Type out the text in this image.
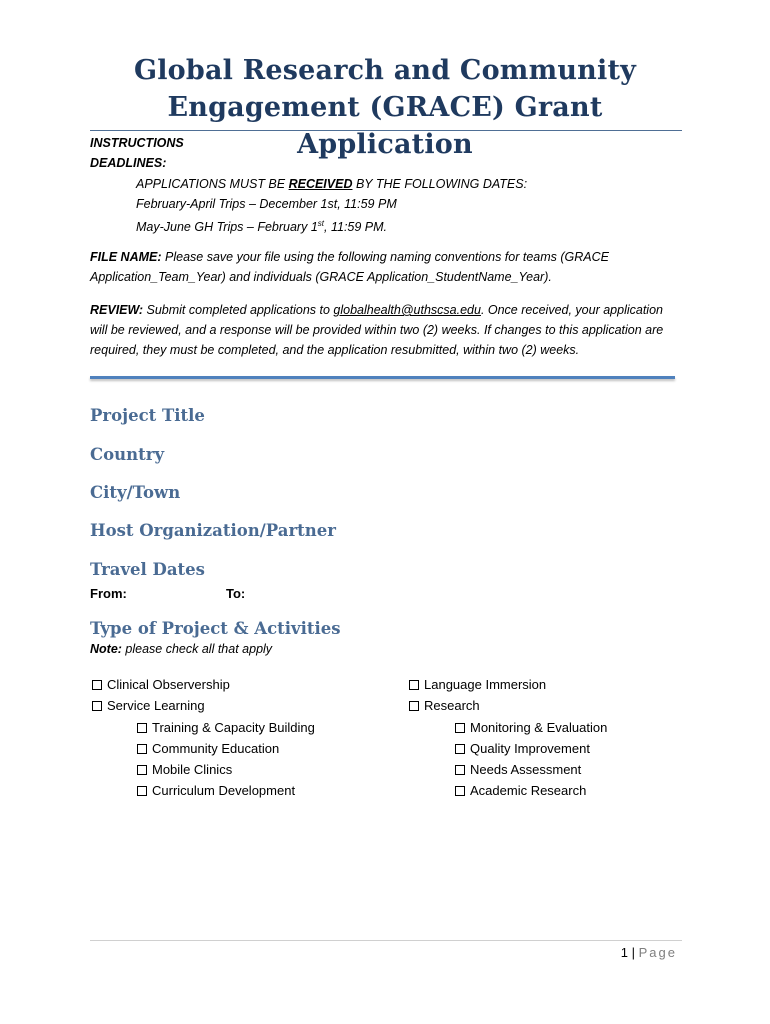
Global Research and Community
Engagement (GRACE) Grant Application
INSTRUCTIONS
DEADLINES:
APPLICATIONS MUST BE RECEIVED BY THE FOLLOWING DATES:
February-April Trips – December 1st, 11:59 PM
May-June GH Trips – February 1st, 11:59 PM.
FILE NAME: Please save your file using the following naming conventions for teams (GRACE Application_Team_Year) and individuals (GRACE Application_StudentName_Year).
REVIEW: Submit completed applications to globalhealth@uthscsa.edu. Once received, your application will be reviewed, and a response will be provided within two (2) weeks. If changes to this application are required, they must be completed, and the application resubmitted, within two (2) weeks.
Project Title
Country
City/Town
Host Organization/Partner
Travel Dates
From:	To:
Type of Project & Activities
Note: please check all that apply
Clinical Observership
Service Learning
Training & Capacity Building
Community Education
Mobile Clinics
Curriculum Development
Language Immersion
Research
Monitoring & Evaluation
Quality Improvement
Needs Assessment
Academic Research
1 | Page
